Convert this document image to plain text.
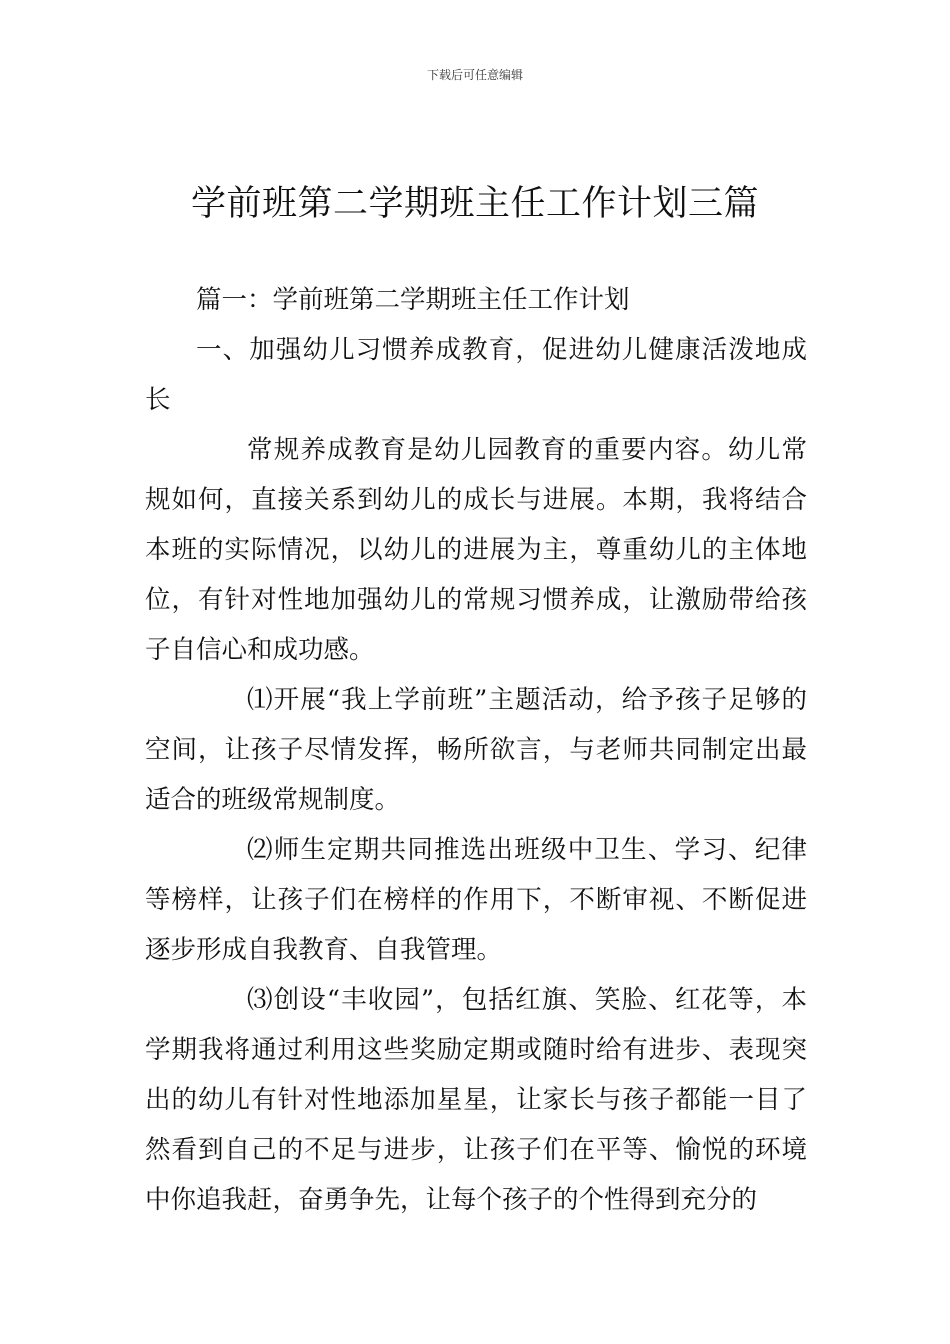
下载后可任意编辑
学前班第二学期班主任工作计划三篇

篇一：学前班第二学期班主任工作计划

一、加强幼儿习惯养成教育，促进幼儿健康活泼地成长

常规养成教育是幼儿园教育的重要内容。幼儿常规如何，直接关系到幼儿的成长与进展。本期，我将结合本班的实际情况，以幼儿的进展为主，尊重幼儿的主体地位，有针对性地加强幼儿的常规习惯养成，让激励带给孩子自信心和成功感。

⑴开展“我上学前班”主题活动，给予孩子足够的空间，让孩子尽情发挥，畅所欲言，与老师共同制定出最适合的班级常规制度。

⑵师生定期共同推选出班级中卫生、学习、纪律等榜样，让孩子们在榜样的作用下，不断审视、不断促进逐步形成自我教育、自我管理。

⑶创设“丰收园”，包括红旗、笑脸、红花等，本学期我将通过利用这些奖励定期或随时给有进步、表现突出的幼儿有针对性地添加星星，让家长与孩子都能一目了然看到自己的不足与进步，让孩子们在平等、愉悦的环境中你追我赶，奋勇争先，让每个孩子的个性得到充分的
